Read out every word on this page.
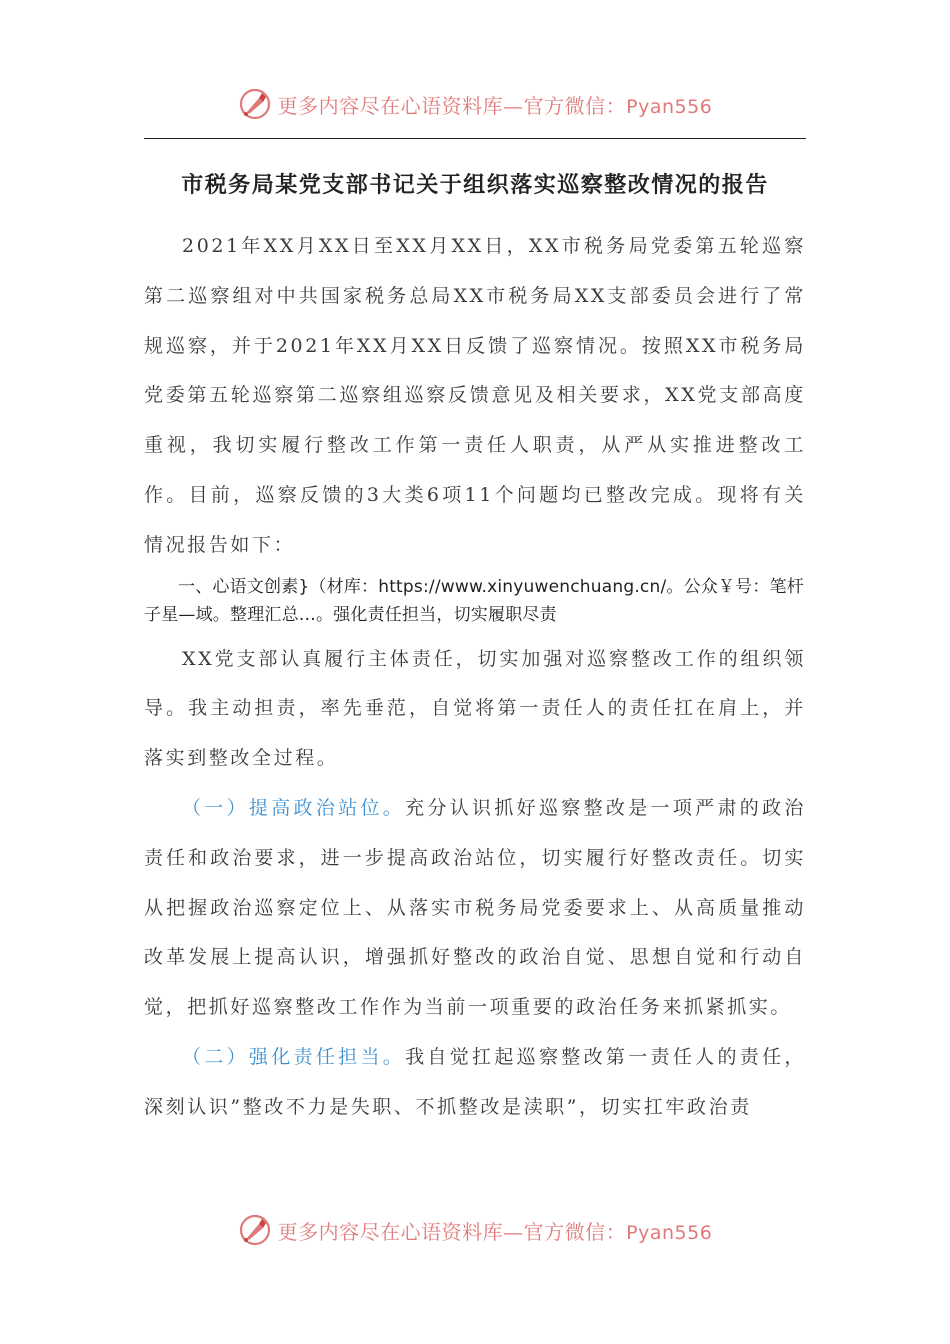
更多内容尽在心语资料库—官方微信：Pyan556
市税务局某党支部书记关于组织落实巡察整改情况的报告

2021年XX月XX日至XX月XX日，XX市税务局党委第五轮巡察第二巡察组对中共国家税务总局XX市税务局XX支部委员会进行了常规巡察，并于2021年XX月XX日反馈了巡察情况。按照XX市税务局党委第五轮巡察第二巡察组巡察反馈意见及相关要求，XX党支部高度重视，我切实履行整改工作第一责任人职责，从严从实推进整改工作。目前，巡察反馈的3大类6项11个问题均已整改完成。现将有关情况报告如下：

一、心语文创素}（材库：https://www.xinyuwenchuang.cn/。公众￥号：笔杆子星—域。整理汇总…。强化责任担当，切实履职尽责

XX党支部认真履行主体责任，切实加强对巡察整改工作的组织领导。我主动担责，率先垂范，自觉将第一责任人的责任扛在肩上，并落实到整改全过程。

（一）提高政治站位。充分认识抓好巡察整改是一项严肃的政治责任和政治要求，进一步提高政治站位，切实履行好整改责任。切实从把握政治巡察定位上、从落实市税务局党委要求上、从高质量推动改革发展上提高认识，增强抓好整改的政治自觉、思想自觉和行动自觉，把抓好巡察整改工作作为当前一项重要的政治任务来抓紧抓实。

（二）强化责任担当。我自觉扛起巡察整改第一责任人的责任，深刻认识”整改不力是失职、不抓整改是渎职”，切实扛牢政治责

更多内容尽在心语资料库—官方微信：Pyan556
